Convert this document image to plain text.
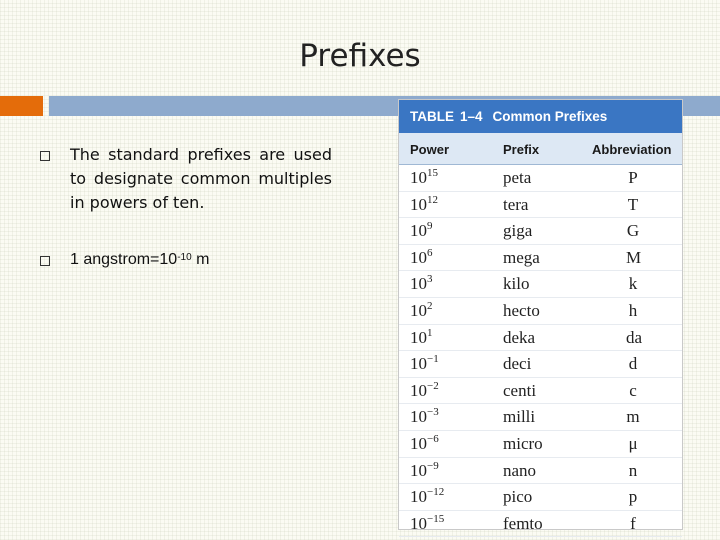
Prefixes
The standard prefixes are used to designate common multiples in powers of ten.
1 $angstrom=10^{-10}$ m
TABLE 1–4 Common Prefixes
Power	Prefix	Abbreviation
$10^{15}$	peta	P
$10^{12}$	tera	T
$10^9$	giga	G
$10^6$	mega	M
$10^3$	kilo	k
$10^2$	hecto	h
$10^1$	deka	da
$10^{-1}$	deci	d
$10^{-2}$	centi	c
$10^{-3}$	milli	m
$10^{-6}$	micro	μ
$10^{-9}$	nano	n
$10^{-12}$	pico	p
$10^{-15}$	femto	f
